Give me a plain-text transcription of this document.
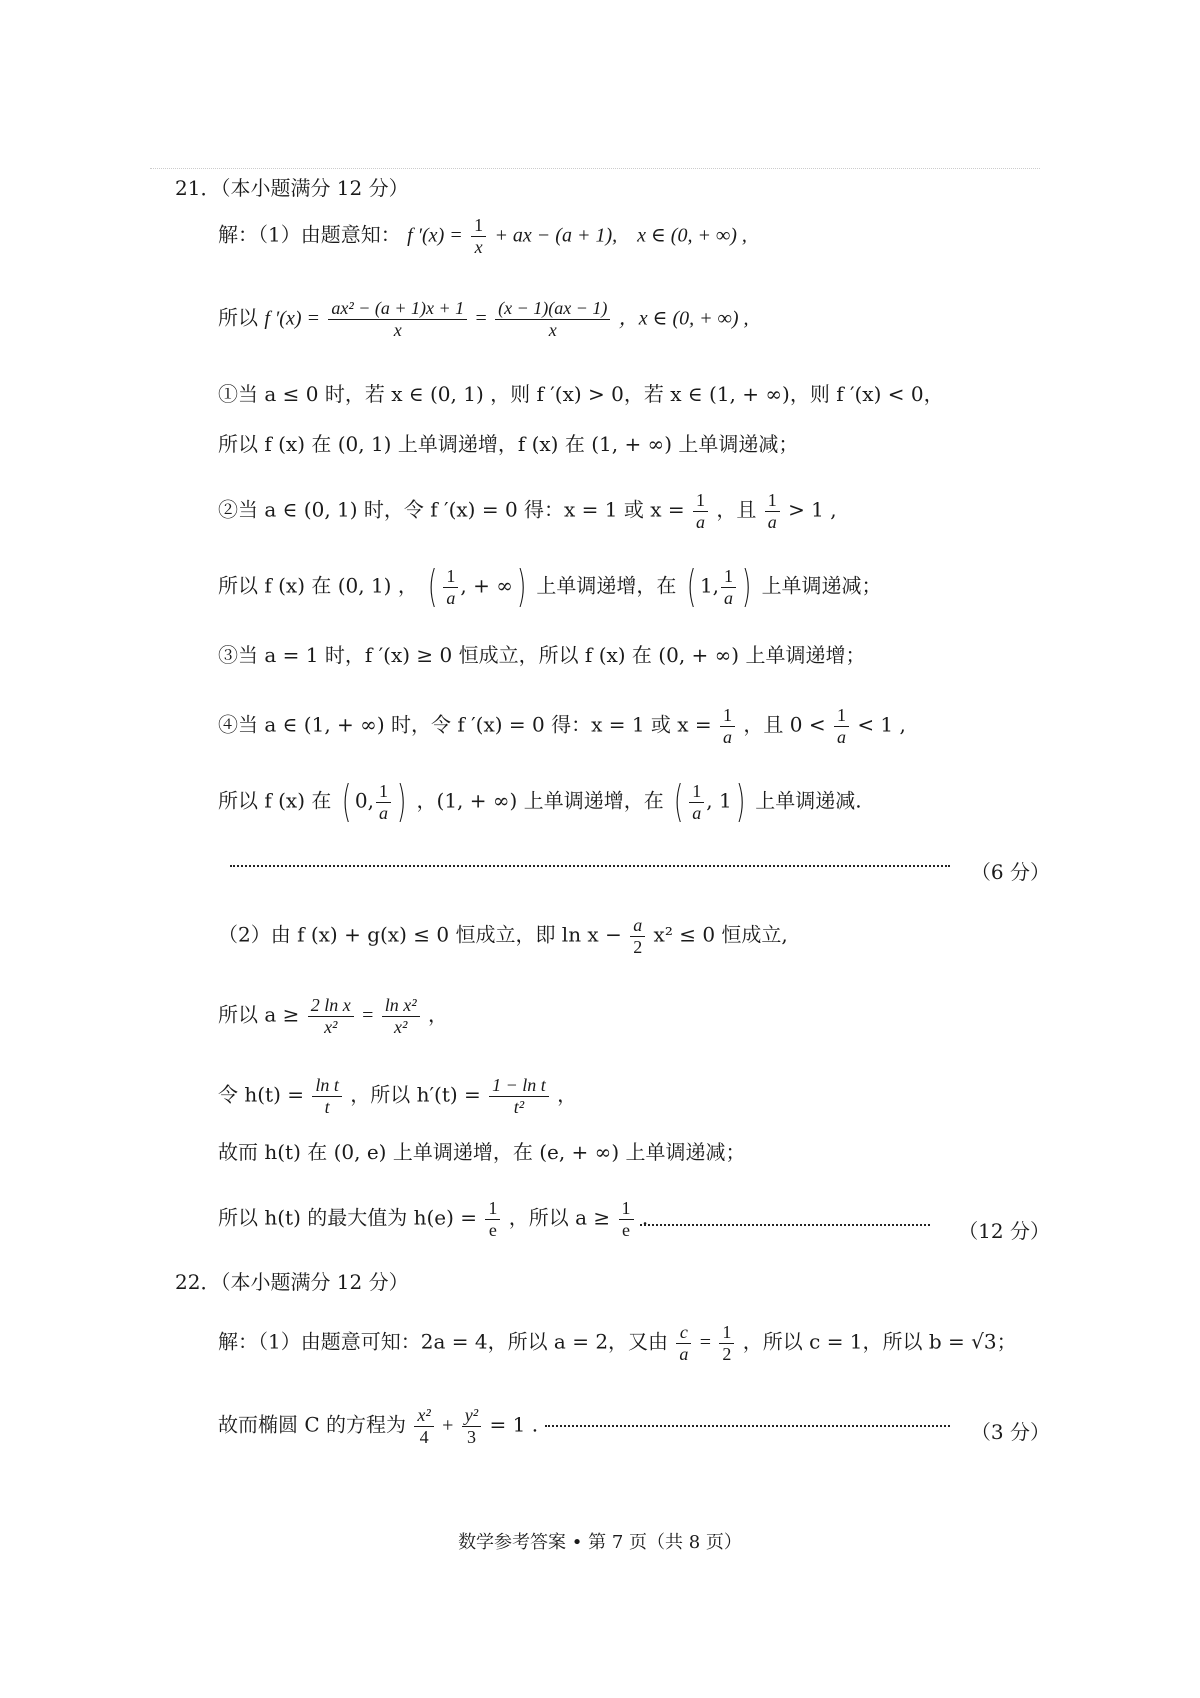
21．（本小题满分 12 分）
解：（1）由题意知： f $'(x) = \frac{1}{x}$ + ax − (a + 1),　x ∈ (0, + ∞) ,
所以 f $'(x) = \frac{\text{ax² − (a + 1)x + 1}}{x} = \frac{(x - 1)(ax - 1)}{x}$ ，x ∈ (0, + ∞) ,
①当 a ≤ 0 时，若 x ∈ (0, 1) ，则 f ′(x) > 0，若 x ∈ (1, + ∞)，则 f ′(x) < 0，
所以 f (x) 在 (0, 1) 上单调递增，f (x) 在 (1, + ∞) 上单调递减；
②当 a ∈ (0, 1) 时，令 f ′(x) = 0 得：x = 1 或 $x = \frac{1}{a}$ ，且 $\frac{1}{a} > 1$ ,
所以 f (x) 在 (0, 1) ， ( $\frac{1}{a}$ , + ∞) 上单调递增，在 ( 1, $\frac{1}{a}$ ) 上单调递减；
③当 a = 1 时，f ′(x) ≥ 0 恒成立，所以 f (x) 在 (0, + ∞) 上单调递增；
④当 a ∈ (1, + ∞) 时，令 f ′(x) = 0 得：x = 1 或 $x = \frac{1}{a}$ ，且 $0 < \frac{1}{a} < 1$ ,
所以 f (x) 在 ( 0, $\frac{1}{a}$ ) ，(1, + ∞) 上单调递增，在 ( $\frac{1}{a}$ , 1) 上单调递减.
（6 分）
（2）由 f (x) + g(x) ≤ 0 恒成立，即 $\ln x - \frac{a}{2} x^2 \le 0$ 恒成立,
所以 $a \ge \frac{\text{2 ln x}}{\text{x²}} = \frac{\text{ln x²}}{\text{x²}}$ ，
令 $h(t) = \frac{\text{ln t}}{t}$ ，所以 $h'(t) = \frac{\text{1 − ln t}}{\text{t²}}$ ，
故而 h(t) 在 (0, e) 上单调递增，在 (e, + ∞) 上单调递减；
所以 h(t) 的最大值为 $h(e) = \frac{1}{e}$ ，所以 $a \ge \frac{1}{e}$ .
（12 分）
22．（本小题满分 12 分）
解：（1）由题意可知：2a = 4，所以 a = 2，又由 $\frac{c}{a} = \frac{1}{2}$ ，所以 c = 1，所以 b = √3；
故而椭圆 C 的方程为 $\frac{\text{x²}}{4} + \frac{\text{y²}}{3} = 1$ .	（3 分）
数学参考答案 • 第 7 页（共 8 页）
